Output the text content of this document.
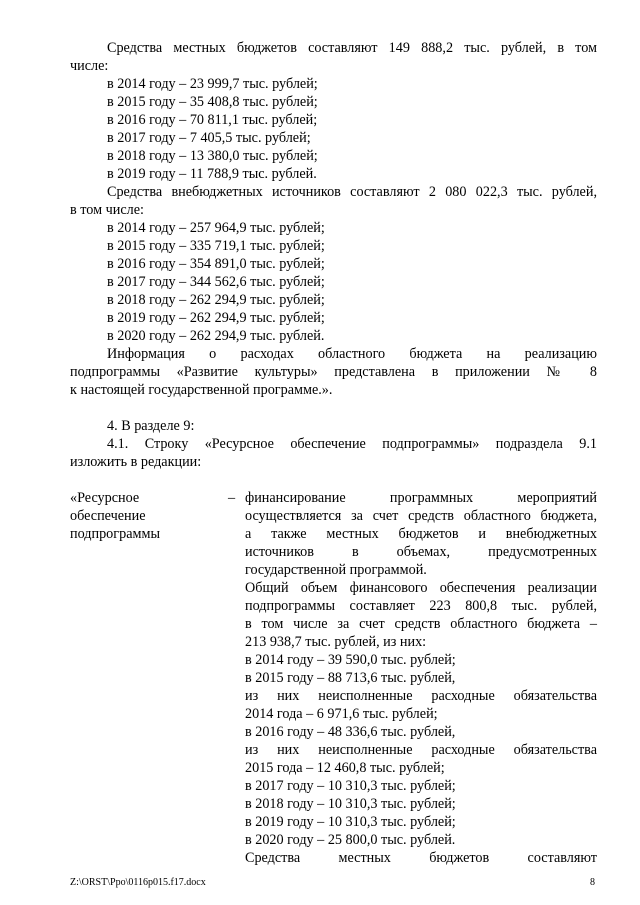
Средства местных бюджетов составляют 149 888,2 тыс. рублей, в том
числе:
в 2014 году – 23 999,7 тыс. рублей;
в 2015 году – 35 408,8 тыс. рублей;
в 2016 году – 70 811,1 тыс. рублей;
в 2017 году – 7 405,5 тыс. рублей;
в 2018 году – 13 380,0 тыс. рублей;
в 2019 году – 11 788,9 тыс. рублей.
Средства внебюджетных источников составляют 2 080 022,3 тыс. рублей,
в том числе:
в 2014 году – 257 964,9 тыс. рублей;
в 2015 году – 335 719,1 тыс. рублей;
в 2016 году – 354 891,0 тыс. рублей;
в 2017 году – 344 562,6 тыс. рублей;
в 2018 году – 262 294,9 тыс. рублей;
в 2019 году – 262 294,9 тыс. рублей;
в 2020 году – 262 294,9 тыс. рублей.
Информация о расходах областного бюджета на реализацию
подпрограммы «Развитие культуры» представлена в приложении № 8
к настоящей государственной программе.».
4. В разделе 9:
4.1. Строку «Ресурсное обеспечение подпрограммы» подраздела 9.1
изложить в редакции:
«Ресурсное
обеспечение
подпрограммы
– финансирование программных мероприятий
осуществляется за счет средств областного бюджета,
а также местных бюджетов и внебюджетных
источников в объемах, предусмотренных
государственной программой.
Общий объем финансового обеспечения реализации
подпрограммы составляет 223 800,8 тыс. рублей,
в том числе за счет средств областного бюджета –
213 938,7 тыс. рублей, из них:
в 2014 году – 39 590,0 тыс. рублей;
в 2015 году – 88 713,6 тыс. рублей,
из них неисполненные расходные обязательства
2014 года – 6 971,6 тыс. рублей;
в 2016 году – 48 336,6 тыс. рублей,
из них неисполненные расходные обязательства
2015 года – 12 460,8 тыс. рублей;
в 2017 году – 10 310,3 тыс. рублей;
в 2018 году – 10 310,3 тыс. рублей;
в 2019 году – 10 310,3 тыс. рублей;
в 2020 году – 25 800,0 тыс. рублей.
Средства местных бюджетов составляют
Z:\ORST\Ppo\0116p015.f17.docx	8
